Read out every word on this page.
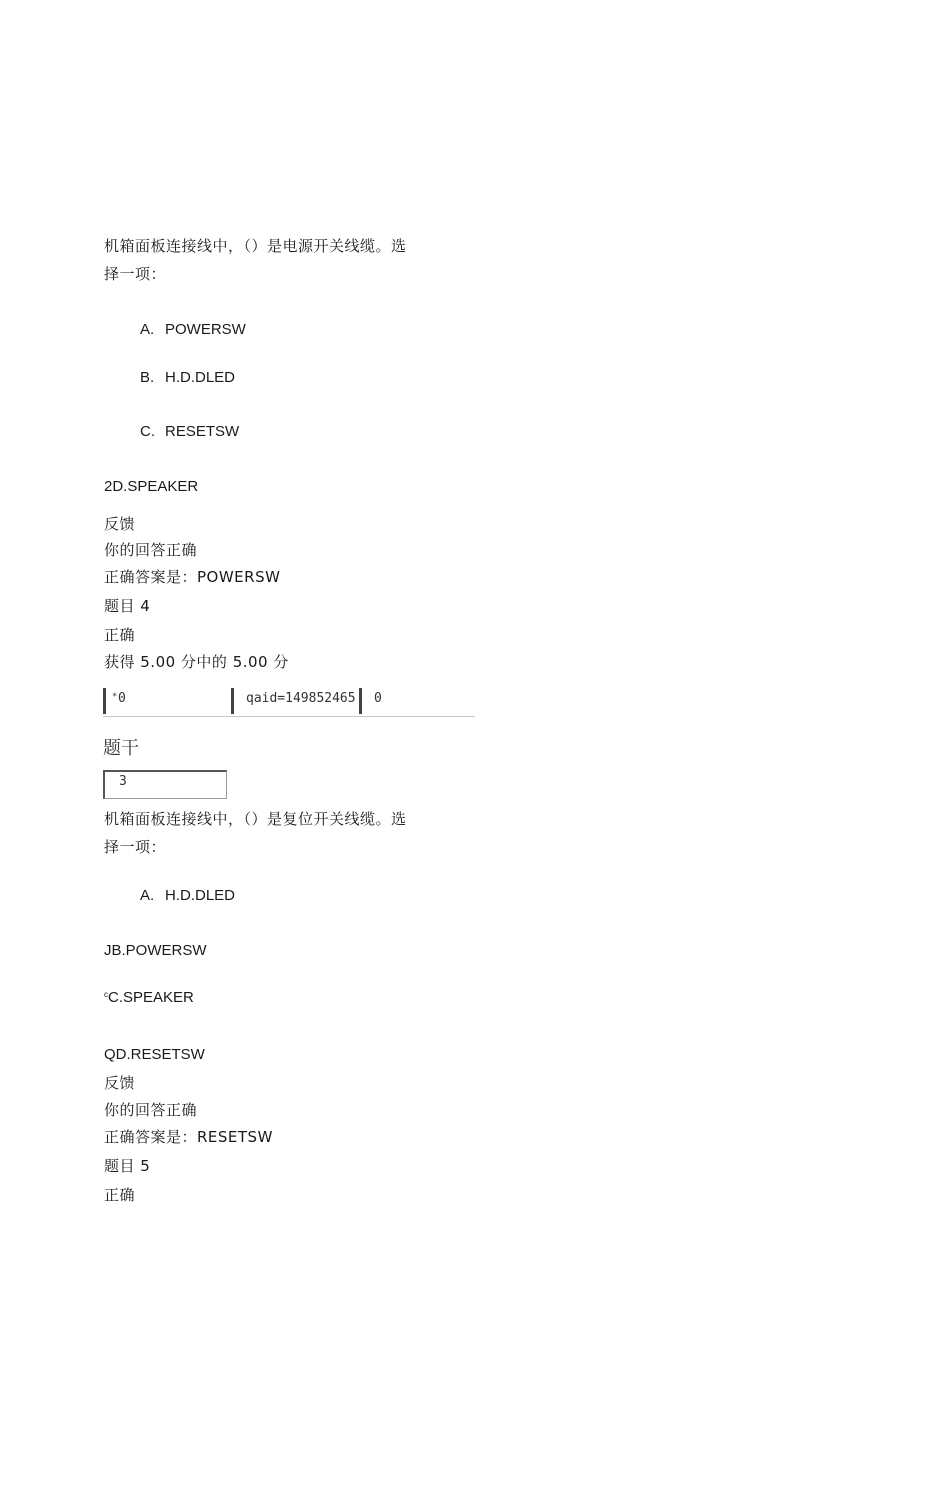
机箱面板连接线中，（）是电源开关线缆。选
择一项：
A. POWERSW
B. H.D.DLED
C. RESETSW
2D.SPEAKER
反馈
你的回答正确
正确答案是：POWERSW
题目 4
正确
获得 5.00 分中的 5.00 分
* 0	qaid=149852465	0
题干
3
机箱面板连接线中，（）是复位开关线缆。选
择一项：
A. H.D.DLED
JB.POWERSW
$^c$C.SPEAKER
QD.RESETSW
反馈
你的回答正确
正确答案是：RESETSW
题目 5
正确
